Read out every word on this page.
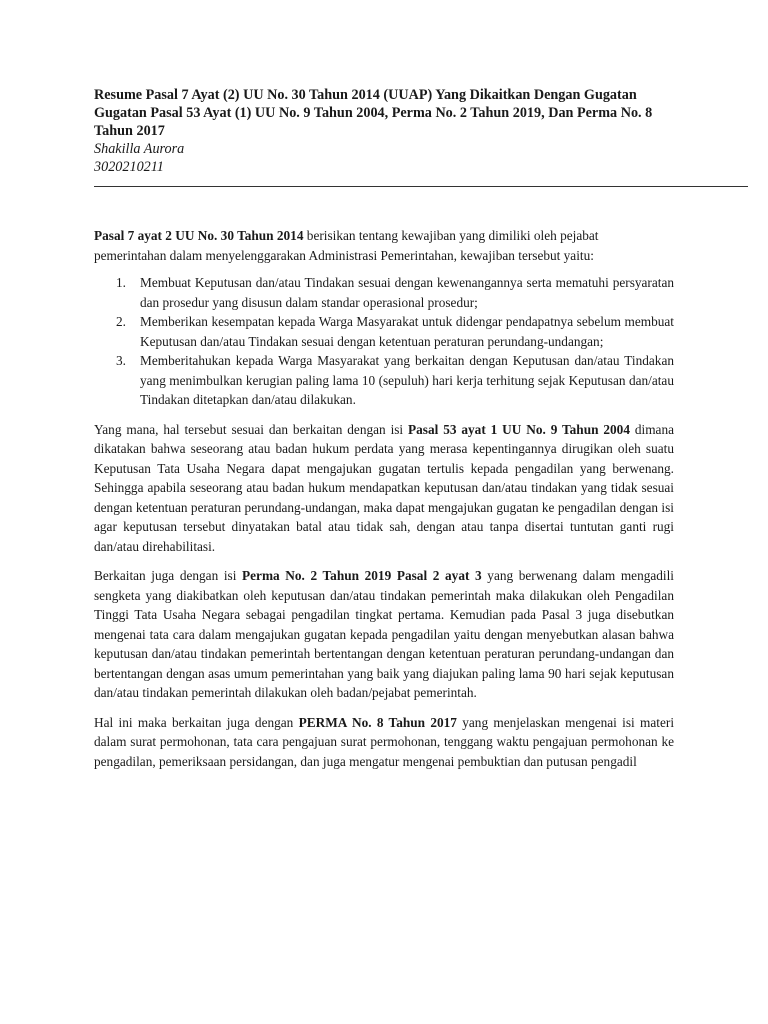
Resume Pasal 7 Ayat (2) UU No. 30 Tahun 2014 (UUAP) Yang Dikaitkan Dengan Gugatan Gugatan Pasal 53 Ayat (1) UU No. 9 Tahun 2004, Perma No. 2 Tahun 2019, Dan Perma No. 8 Tahun 2017

Shakilla Aurora

3020210211

Pasal 7 ayat 2 UU No. 30 Tahun 2014 berisikan tentang kewajiban yang dimiliki oleh pejabat pemerintahan dalam menyelenggarakan Administrasi Pemerintahan, kewajiban tersebut yaitu:

1. Membuat Keputusan dan/atau Tindakan sesuai dengan kewenangannya serta mematuhi persyaratan dan prosedur yang disusun dalam standar operasional prosedur;
2. Memberikan kesempatan kepada Warga Masyarakat untuk didengar pendapatnya sebelum membuat Keputusan dan/atau Tindakan sesuai dengan ketentuan peraturan perundang-undangan;
3. Memberitahukan kepada Warga Masyarakat yang berkaitan dengan Keputusan dan/atau Tindakan yang menimbulkan kerugian paling lama 10 (sepuluh) hari kerja terhitung sejak Keputusan dan/atau Tindakan ditetapkan dan/atau dilakukan.

Yang mana, hal tersebut sesuai dan berkaitan dengan isi Pasal 53 ayat 1 UU No. 9 Tahun 2004 dimana dikatakan bahwa seseorang atau badan hukum perdata yang merasa kepentingannya dirugikan oleh suatu Keputusan Tata Usaha Negara dapat mengajukan gugatan tertulis kepada pengadilan yang berwenang. Sehingga apabila seseorang atau badan hukum mendapatkan keputusan dan/atau tindakan yang tidak sesuai dengan ketentuan peraturan perundang-undangan, maka dapat mengajukan gugatan ke pengadilan dengan isi agar keputusan tersebut dinyatakan batal atau tidak sah, dengan atau tanpa disertai tuntutan ganti rugi dan/atau direhabilitasi.

Berkaitan juga dengan isi Perma No. 2 Tahun 2019 Pasal 2 ayat 3 yang berwenang dalam mengadili sengketa yang diakibatkan oleh keputusan dan/atau tindakan pemerintah maka dilakukan oleh Pengadilan Tinggi Tata Usaha Negara sebagai pengadilan tingkat pertama. Kemudian pada Pasal 3 juga disebutkan mengenai tata cara dalam mengajukan gugatan kepada pengadilan yaitu dengan menyebutkan alasan bahwa keputusan dan/atau tindakan pemerintah bertentangan dengan ketentuan peraturan perundang-undangan dan bertentangan dengan asas umum pemerintahan yang baik yang diajukan paling lama 90 hari sejak keputusan dan/atau tindakan pemerintah dilakukan oleh badan/pejabat pemerintah.

Hal ini maka berkaitan juga dengan PERMA No. 8 Tahun 2017 yang menjelaskan mengenai isi materi dalam surat permohonan, tata cara pengajuan surat permohonan, tenggang waktu pengajuan permohonan ke pengadilan, pemeriksaan persidangan, dan juga mengatur mengenai pembuktian dan putusan pengadil
